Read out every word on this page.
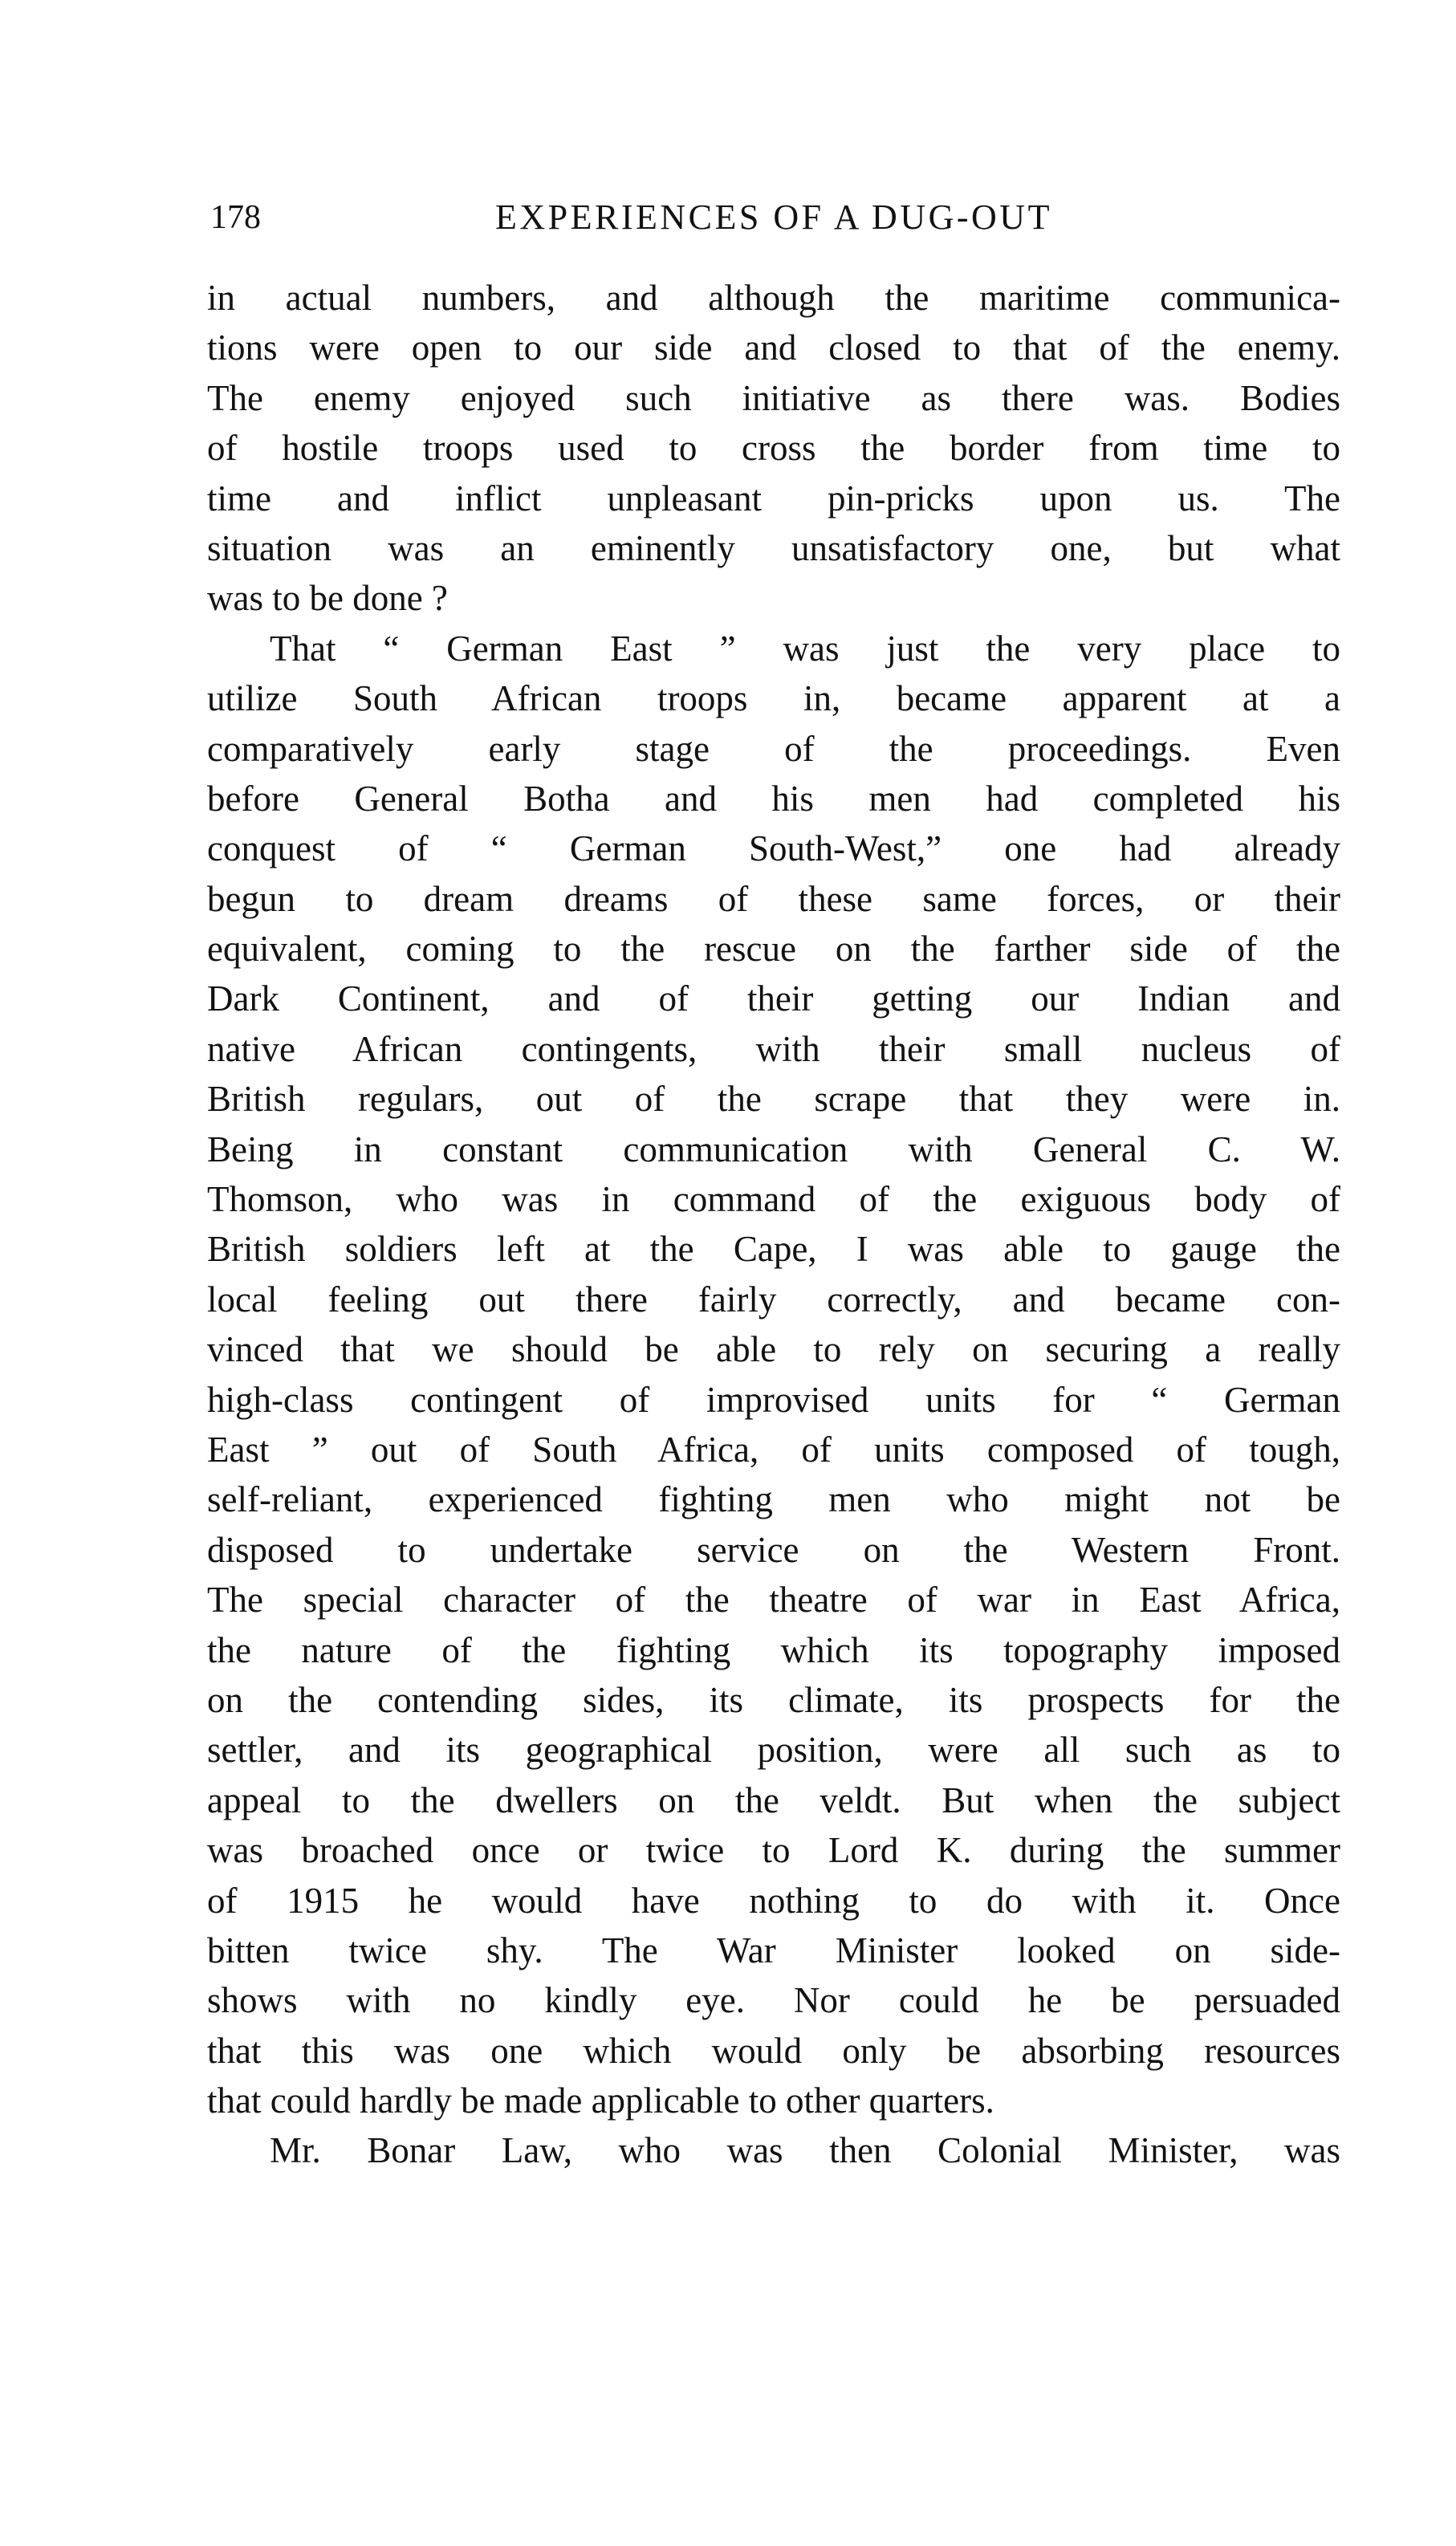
178	EXPERIENCES OF A DUG-OUT
in actual numbers, and although the maritime communica-
tions were open to our side and closed to that of the enemy.
The enemy enjoyed such initiative as there was. Bodies
of hostile troops used to cross the border from time to
time and inflict unpleasant pin-pricks upon us. The
situation was an eminently unsatisfactory one, but what
was to be done ?
That “ German East ” was just the very place to
utilize South African troops in, became apparent at a
comparatively early stage of the proceedings. Even
before General Botha and his men had completed his
conquest of “ German South-West,” one had already
begun to dream dreams of these same forces, or their
equivalent, coming to the rescue on the farther side of the
Dark Continent, and of their getting our Indian and
native African contingents, with their small nucleus of
British regulars, out of the scrape that they were in.
Being in constant communication with General C. W.
Thomson, who was in command of the exiguous body of
British soldiers left at the Cape, I was able to gauge the
local feeling out there fairly correctly, and became con-
vinced that we should be able to rely on securing a really
high-class contingent of improvised units for “ German
East ” out of South Africa, of units composed of tough,
self-reliant, experienced fighting men who might not be
disposed to undertake service on the Western Front.
The special character of the theatre of war in East Africa,
the nature of the fighting which its topography imposed
on the contending sides, its climate, its prospects for the
settler, and its geographical position, were all such as to
appeal to the dwellers on the veldt. But when the subject
was broached once or twice to Lord K. during the summer
of 1915 he would have nothing to do with it. Once
bitten twice shy. The War Minister looked on side-
shows with no kindly eye. Nor could he be persuaded
that this was one which would only be absorbing resources
that could hardly be made applicable to other quarters.
Mr. Bonar Law, who was then Colonial Minister, was
